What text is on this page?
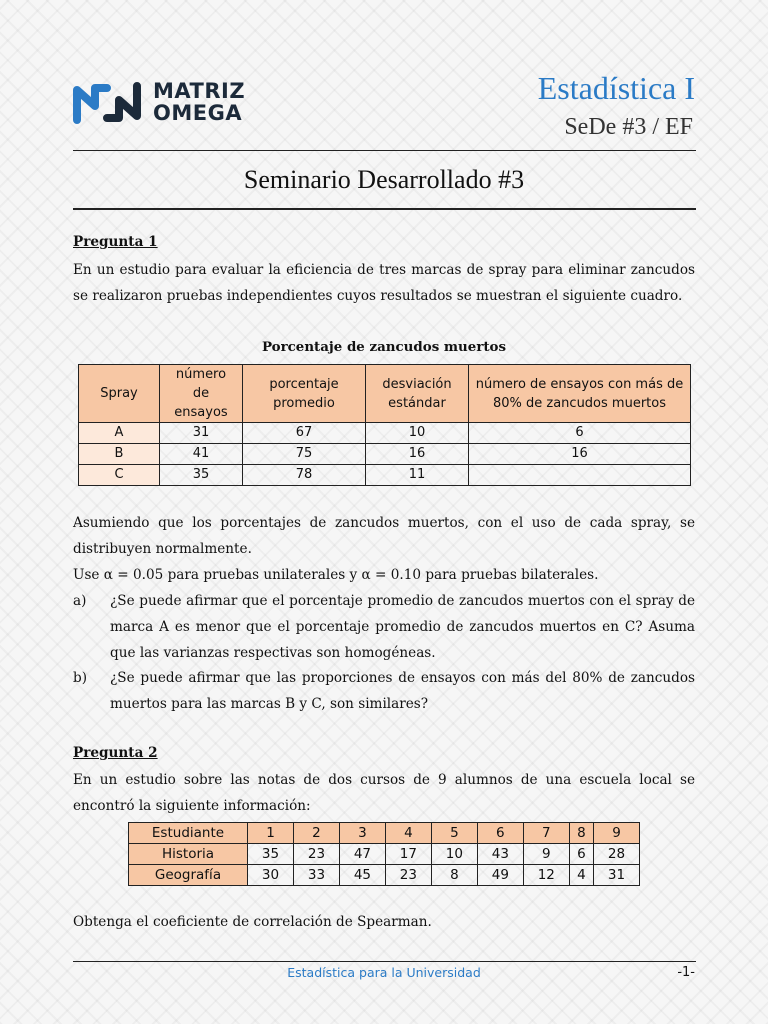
MATRIZ
OMEGA
Estadística I
SeDe #3 / EF
Seminario Desarrollado #3
Pregunta 1
En un estudio para evaluar la eficiencia de tres marcas de spray para eliminar zancudos se realizaron pruebas independientes cuyos resultados se muestran el siguiente cuadro.
Porcentaje de zancudos muertos
Spray	número de ensayos	porcentaje promedio	desviación estándar	número de ensayos con más de 80% de zancudos muertos
A	31	67	10	6
B	41	75	16	16
C	35	78	11	
Asumiendo que los porcentajes de zancudos muertos, con el uso de cada spray, se distribuyen normalmente.
Use α = 0.05 para pruebas unilaterales y α = 0.10 para pruebas bilaterales.
a) ¿Se puede afirmar que el porcentaje promedio de zancudos muertos con el spray de marca A es menor que el porcentaje promedio de zancudos muertos en C? Asuma que las varianzas respectivas son homogéneas.
b) ¿Se puede afirmar que las proporciones de ensayos con más del 80% de zancudos muertos para las marcas B y C, son similares?
Pregunta 2
En un estudio sobre las notas de dos cursos de 9 alumnos de una escuela local se encontró la siguiente información:
Estudiante	1	2	3	4	5	6	7	8	9
Historia	35	23	47	17	10	43	9	6	28
Geografía	30	33	45	23	8	49	12	4	31
Obtenga el coeficiente de correlación de Spearman.
Estadística para la Universidad	-1-
